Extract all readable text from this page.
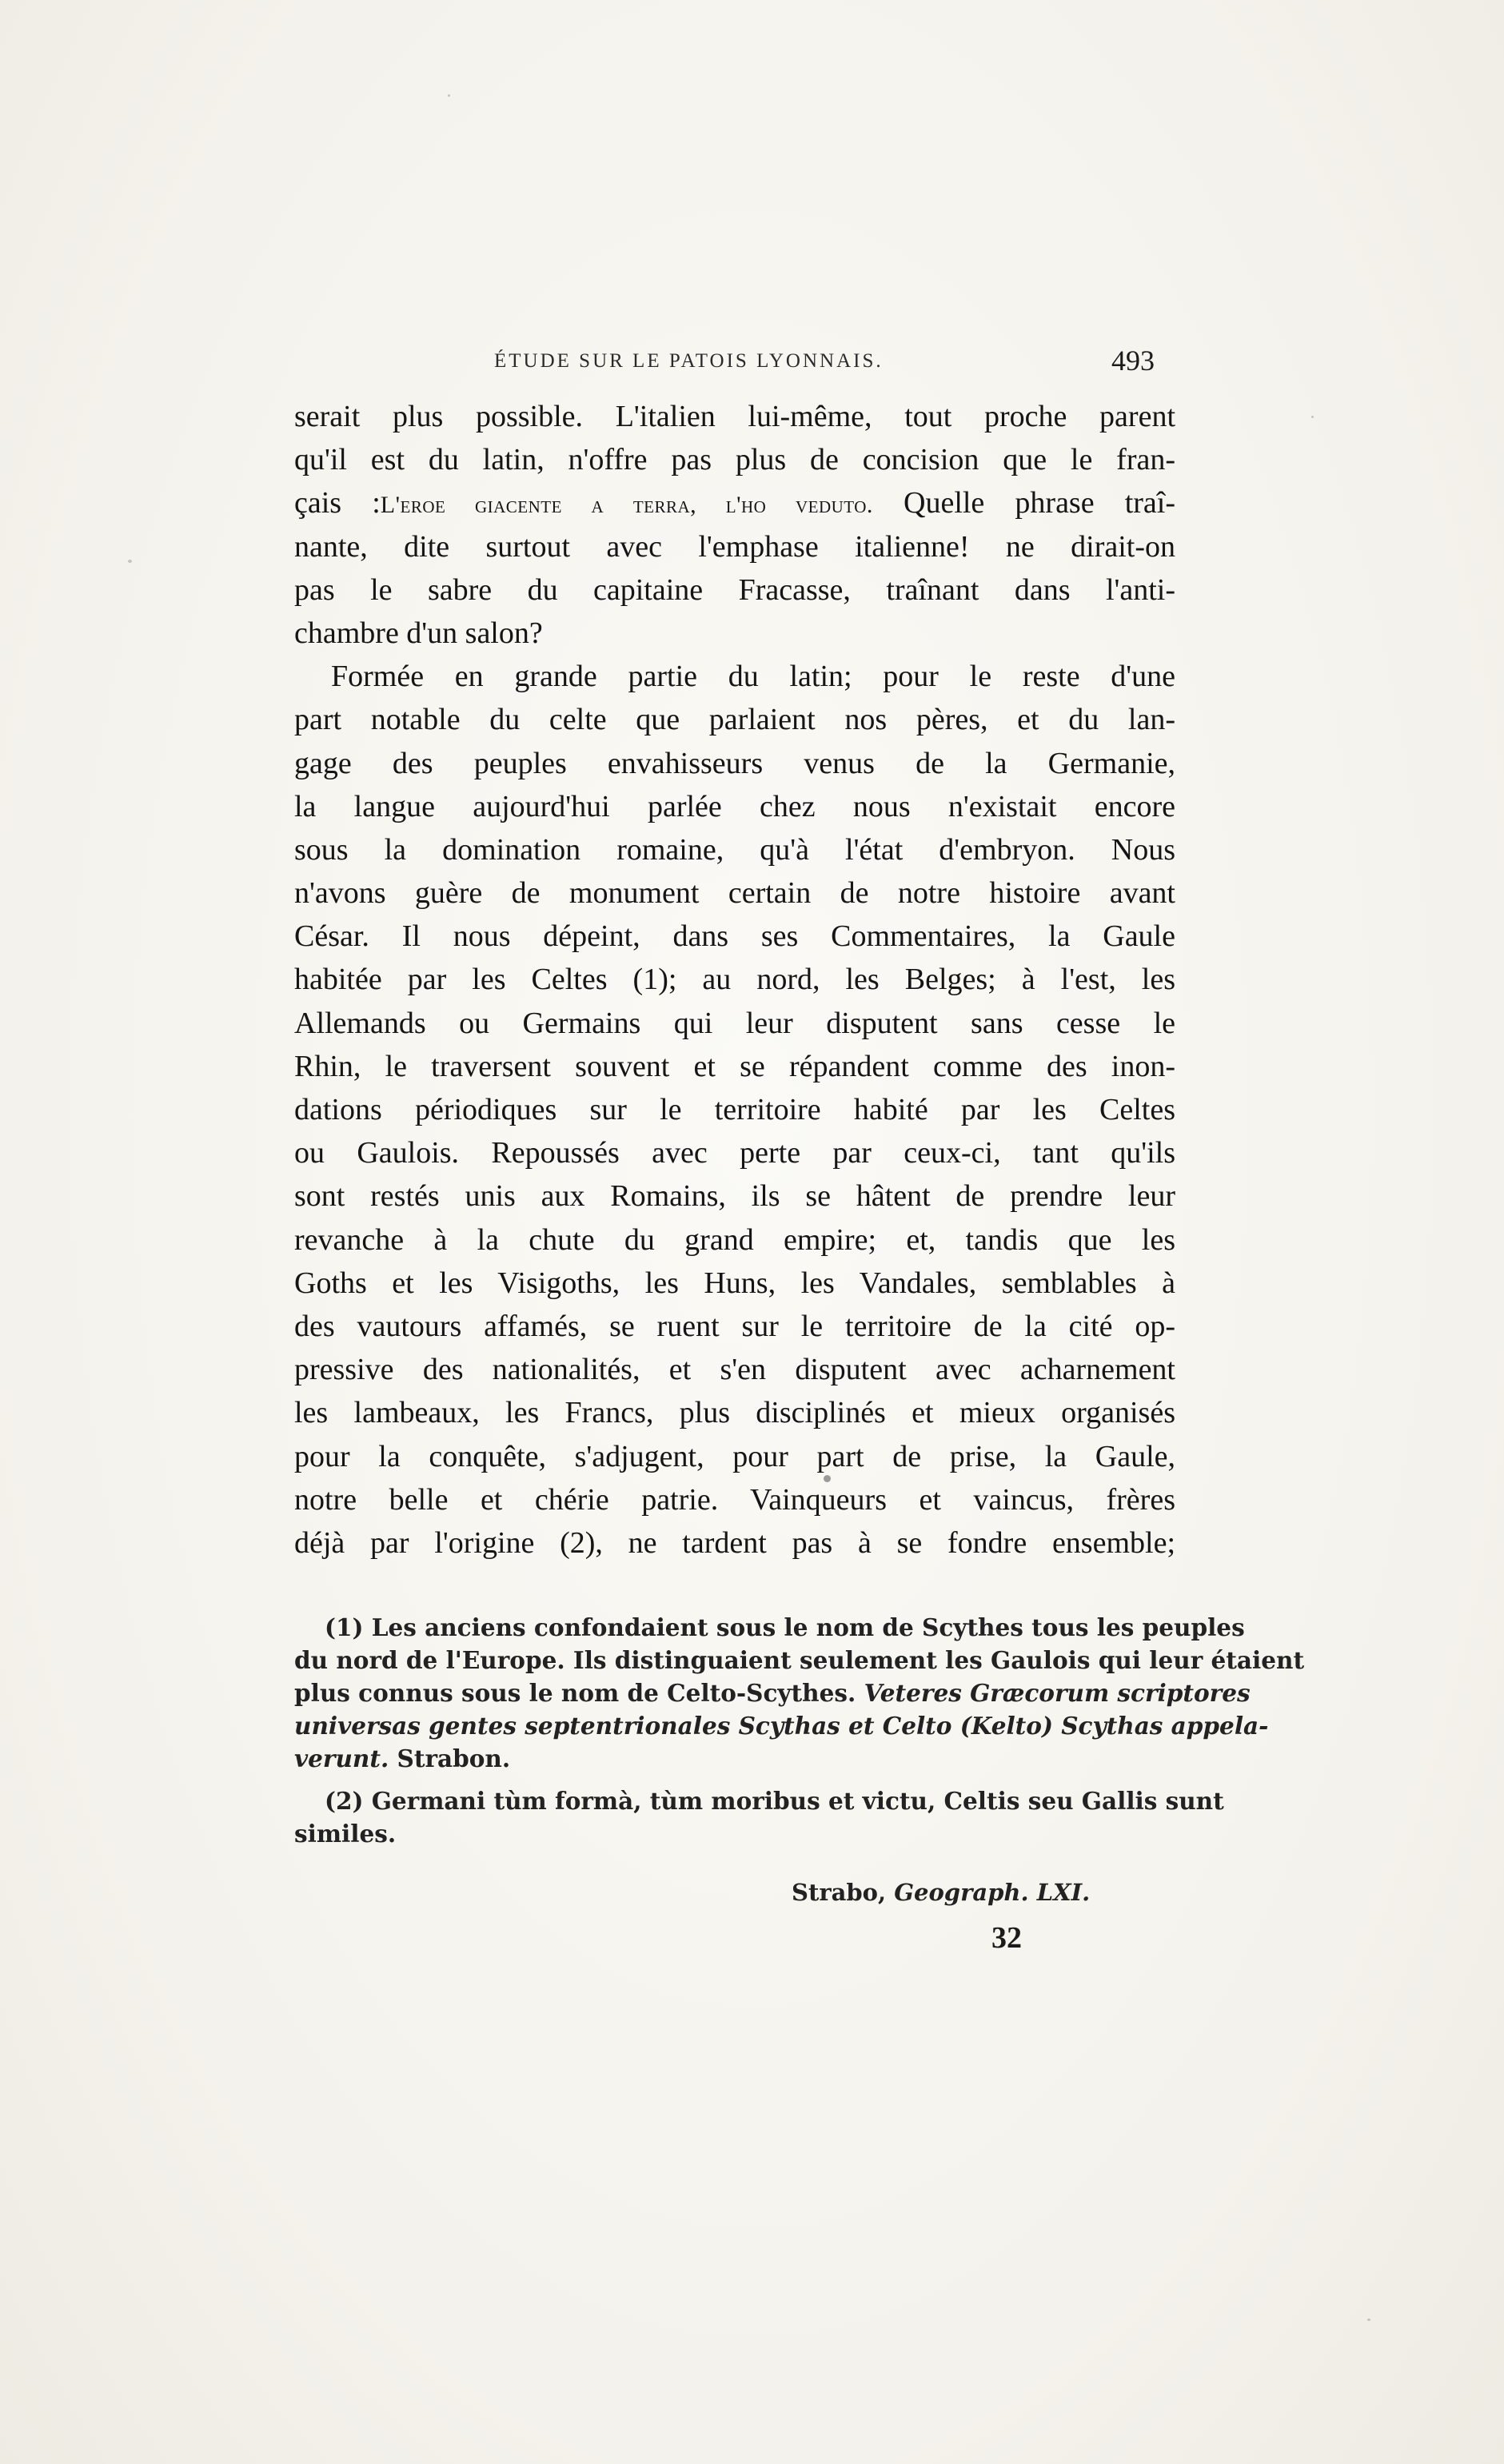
ÉTUDE SUR LE PATOIS LYONNAIS.	493
serait plus possible. L'italien lui-même, tout proche parent
qu'il est du latin, n'offre pas plus de concision que le fran-
çais :L'eroe giacente a terra, l'ho veduto. Quelle phrase traî-
nante, dite surtout avec l'emphase italienne! ne dirait-on
pas le sabre du capitaine Fracasse, traînant dans l'anti-
chambre d'un salon?
Formée en grande partie du latin; pour le reste d'une
part notable du celte que parlaient nos pères, et du lan-
gage des peuples envahisseurs venus de la Germanie,
la langue aujourd'hui parlée chez nous n'existait encore
sous la domination romaine, qu'à l'état d'embryon. Nous
n'avons guère de monument certain de notre histoire avant
César. Il nous dépeint, dans ses Commentaires, la Gaule
habitée par les Celtes (1); au nord, les Belges; à l'est, les
Allemands ou Germains qui leur disputent sans cesse le
Rhin, le traversent souvent et se répandent comme des inon-
dations périodiques sur le territoire habité par les Celtes
ou Gaulois. Repoussés avec perte par ceux-ci, tant qu'ils
sont restés unis aux Romains, ils se hâtent de prendre leur
revanche à la chute du grand empire; et, tandis que les
Goths et les Visigoths, les Huns, les Vandales, semblables à
des vautours affamés, se ruent sur le territoire de la cité op-
pressive des nationalités, et s'en disputent avec acharnement
les lambeaux, les Francs, plus disciplinés et mieux organisés
pour la conquête, s'adjugent, pour part de prise, la Gaule,
notre belle et chérie patrie. Vainqueurs et vaincus, frères
déjà par l'origine (2), ne tardent pas à se fondre ensemble;
(1) Les anciens confondaient sous le nom de Scythes tous les peuples
du nord de l'Europe. Ils distinguaient seulement les Gaulois qui leur étaient
plus connus sous le nom de Celto-Scythes. Veteres Græcorum scriptores
universas gentes septentrionales Scythas et Celto (Kelto) Scythas appela-
verunt. Strabon.
(2) Germani tùm formà, tùm moribus et victu, Celtis seu Gallis sunt
similes.
Strabo, Geograph. LXI.
32
